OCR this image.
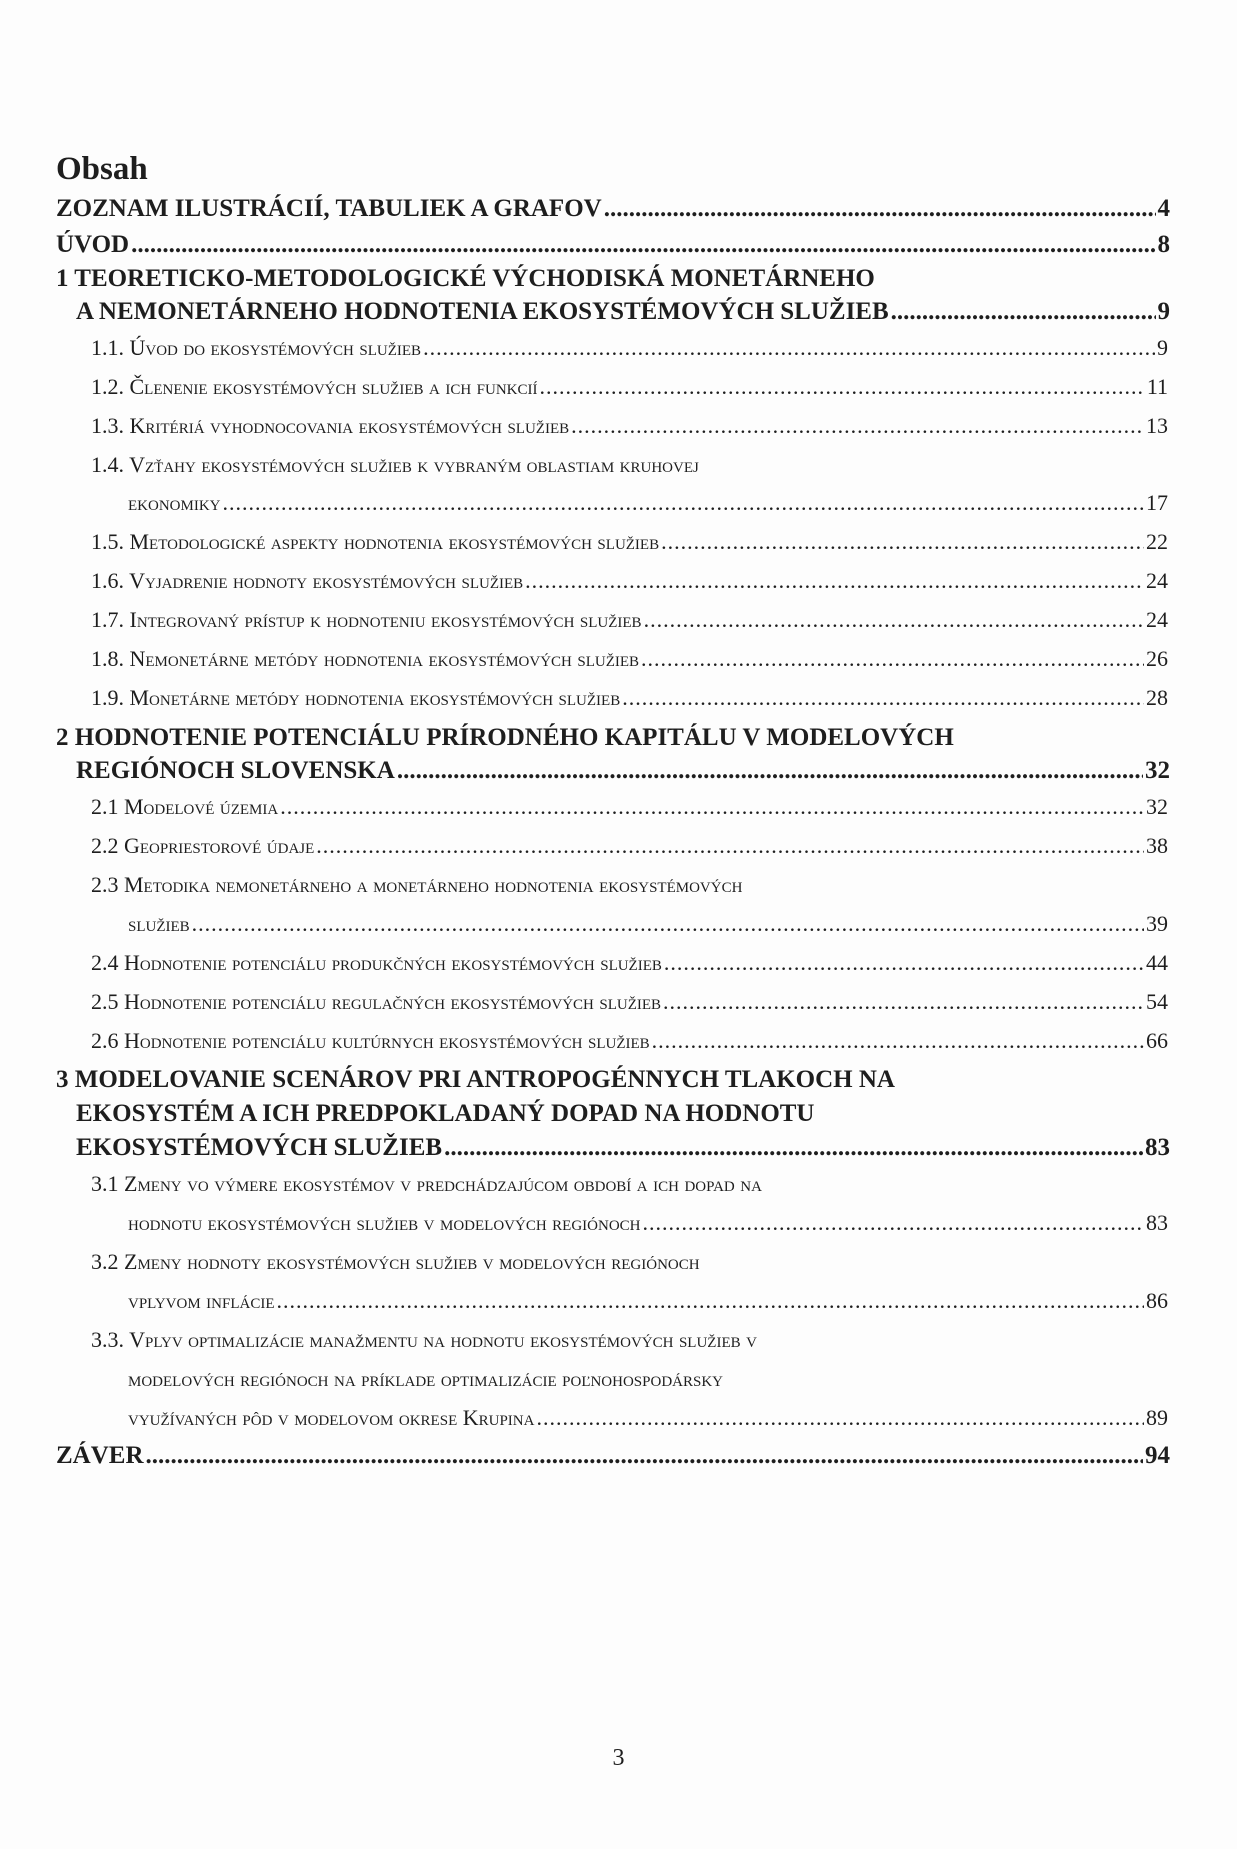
Obsah
ZOZNAM ILUSTRÁCIÍ, TABULIEK A GRAFOV .....	4
ÚVOD .....	8
1 TEORETICKO-METODOLOGICKÉ VÝCHODISKÁ MONETÁRNEHO
A NEMONETÁRNEHO HODNOTENIA EKOSYSTÉMOVÝCH SLUŽIEB .....	9
1.1. Úvod do ekosystémových služieb .....	9
1.2. Členenie ekosystémových služieb a ich funkcií .....	11
1.3. Kritériá vyhodnocovania ekosystémových služieb .....	13
1.4. Vzťahy ekosystémových služieb k vybraným oblastiam kruhovej
ekonomiky .....	17
1.5. Metodologické aspekty hodnotenia ekosystémových služieb .....	22
1.6. Vyjadrenie hodnoty ekosystémových služieb .....	24
1.7. Integrovaný prístup k hodnoteniu ekosystémových služieb .....	24
1.8. Nemonetárne metódy hodnotenia ekosystémových služieb .....	26
1.9. Monetárne metódy hodnotenia ekosystémových služieb .....	28
2 HODNOTENIE POTENCIÁLU PRÍRODNÉHO KAPITÁLU V MODELOVÝCH
REGIÓNOCH SLOVENSKA .....	32
2.1 Modelové územia .....	32
2.2 Geopriestorové údaje .....	38
2.3 Metodika nemonetárneho a monetárneho hodnotenia ekosystémových
služieb .....	39
2.4 Hodnotenie potenciálu produkčných ekosystémových služieb .....	44
2.5 Hodnotenie potenciálu regulačných ekosystémových služieb .....	54
2.6 Hodnotenie potenciálu kultúrnych ekosystémových služieb .....	66
3 MODELOVANIE SCENÁROV PRI ANTROPOGÉNNYCH TLAKOCH NA
EKOSYSTÉM A ICH PREDPOKLADANÝ DOPAD NA HODNOTU
EKOSYSTÉMOVÝCH SLUŽIEB .....	83
3.1 Zmeny vo výmere ekosystémov v predchádzajúcom období a ich dopad na
hodnotu ekosystémových služieb v modelových regiónoch .....	83
3.2 Zmeny hodnoty ekosystémových služieb v modelových regiónoch
vplyvom inflácie .....	86
3.3. Vplyv optimalizácie manažmentu na hodnotu ekosystémových služieb v
modelových regiónoch na príklade optimalizácie poľnohospodársky
využívaných pôd v modelovom okrese Krupina .....	89
ZÁVER .....	94
3
